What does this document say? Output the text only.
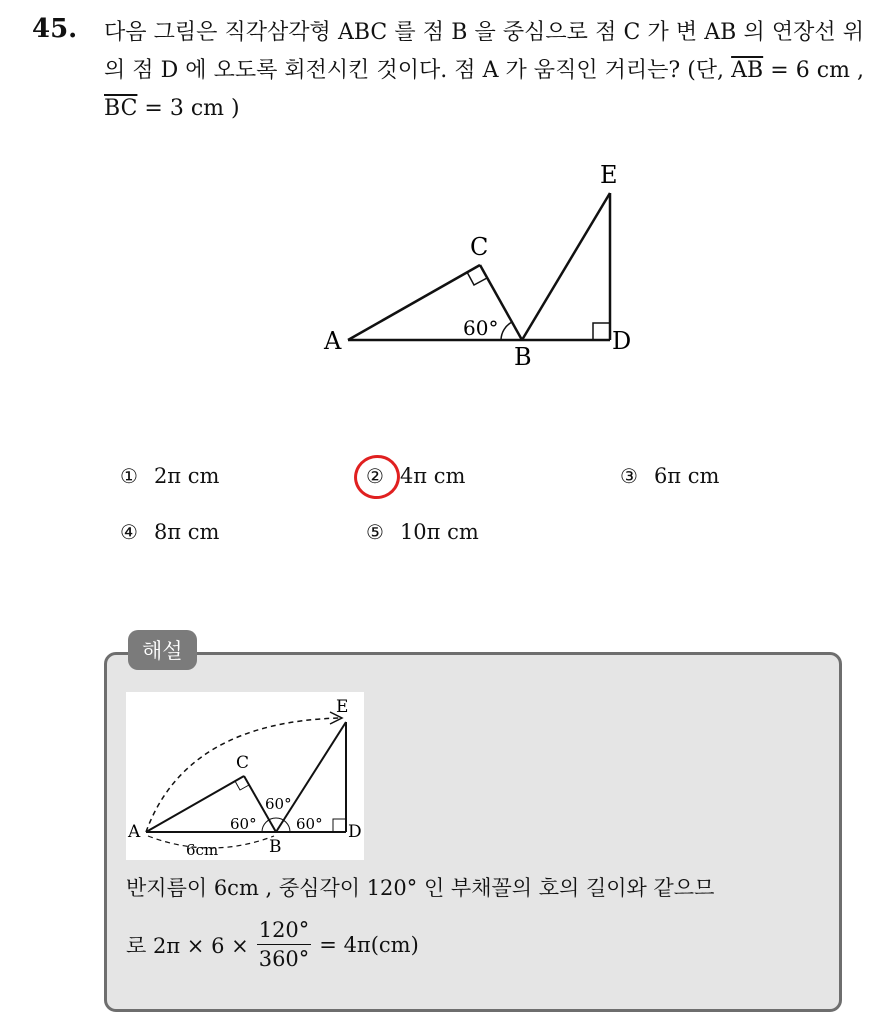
45. 다음 그림은 직각삼각형 ABC 를 점 B 을 중심으로 점 C 가 변 AB 의 연장선 위의 점 D 에 오도록 회전시킨 것이다. 점 A 가 움직인 거리는? (단, $\overline{AB} = 6$ cm , $\overline{BC} = 3$ cm )

A
B
C
D
E
60°
① 2π cm	② 4π cm	③ 6π cm
④ 8π cm	⑤ 10π cm
해설
A
B
C
D
E
60°
60°
60°
6cm
반지름이 6cm , 중심각이 120° 인 부채꼴의 호의 길이와 같으므
로 $2\pi \times 6 \times \frac{120^\circ}{360^\circ} = 4\pi(cm)$
